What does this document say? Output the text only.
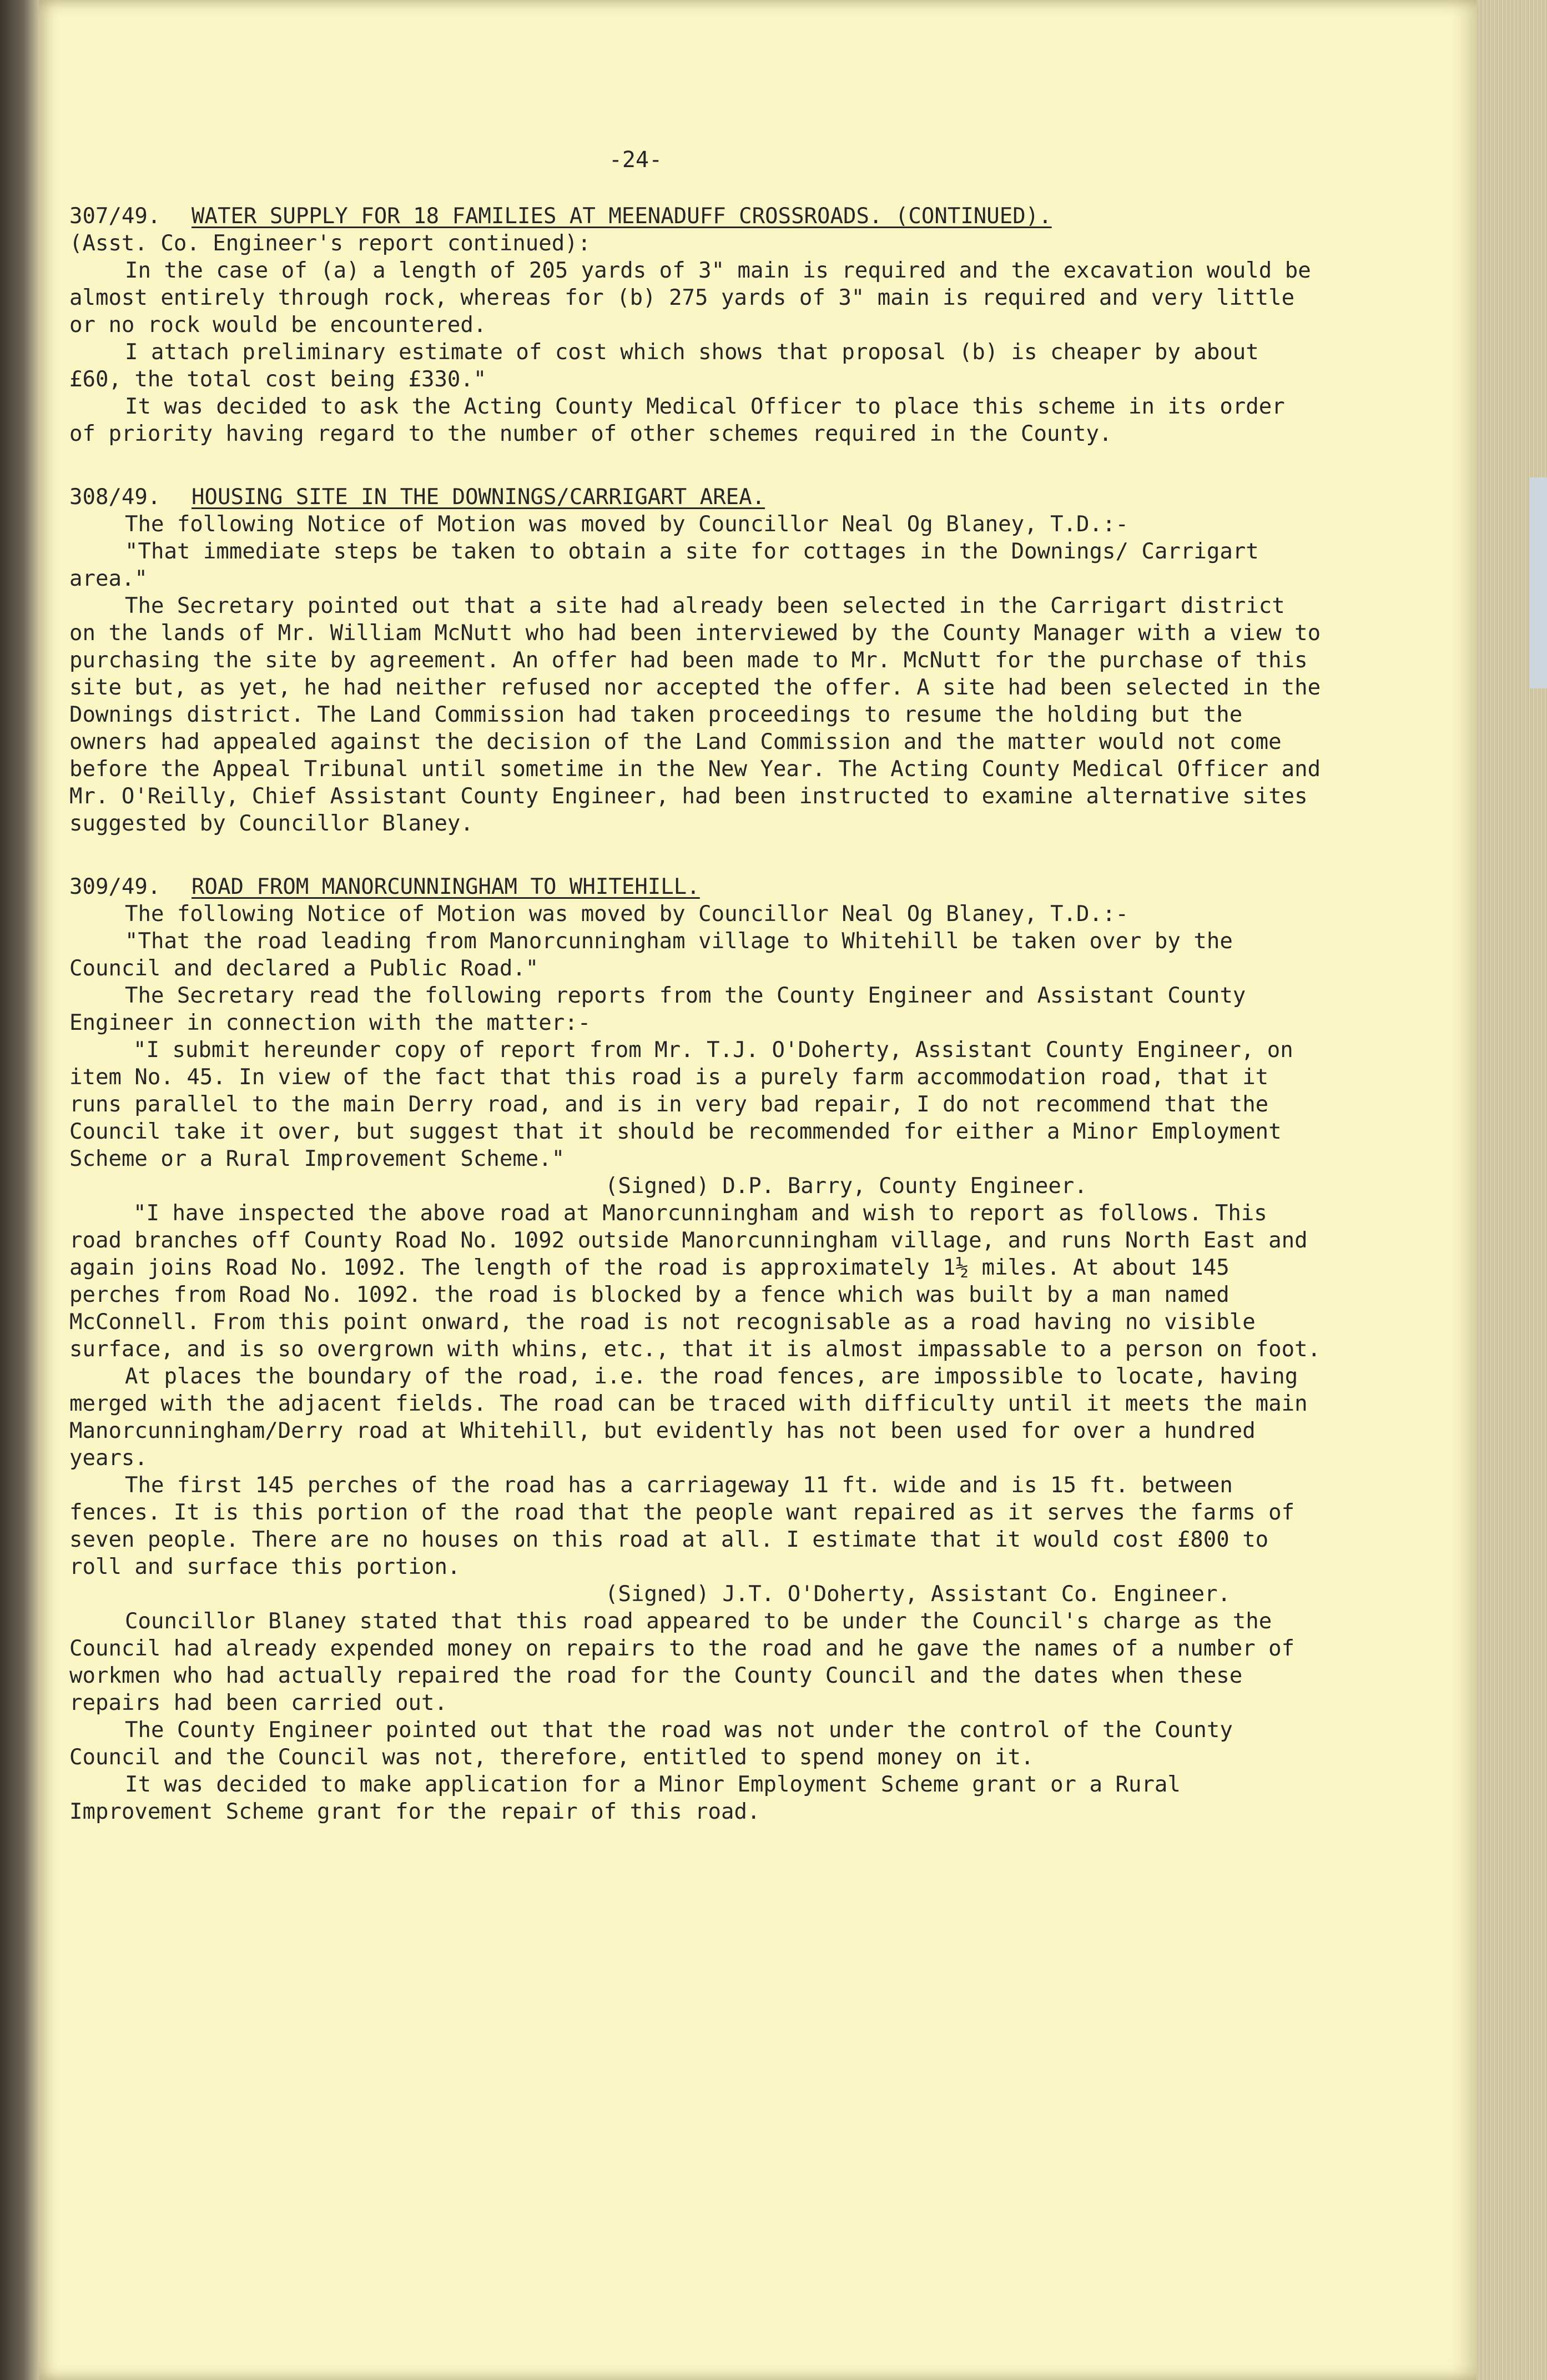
-24-
307/49. WATER SUPPLY FOR 18 FAMILIES AT MEENADUFF CROSSROADS. (CONTINUED).

(Asst. Co. Engineer's report continued):

In the case of (a) a length of 205 yards of 3" main is required and the excavation would be almost entirely through rock, whereas for (b) 275 yards of 3" main is required and very little or no rock would be encountered.

I attach preliminary estimate of cost which shows that proposal (b) is cheaper by about £60, the total cost being £330."

It was decided to ask the Acting County Medical Officer to place this scheme in its order of priority having regard to the number of other schemes required in the County.

308/49. HOUSING SITE IN THE DOWNINGS/CARRIGART AREA.

The following Notice of Motion was moved by Councillor Neal Og Blaney, T.D.:-

"That immediate steps be taken to obtain a site for cottages in the Downings/ Carrigart area."

The Secretary pointed out that a site had already been selected in the Carrigart district on the lands of Mr. William McNutt who had been interviewed by the County Manager with a view to purchasing the site by agreement. An offer had been made to Mr. McNutt for the purchase of this site but, as yet, he had neither refused nor accepted the offer. A site had been selected in the Downings district. The Land Commission had taken proceedings to resume the holding but the owners had appealed against the decision of the Land Commission and the matter would not come before the Appeal Tribunal until sometime in the New Year. The Acting County Medical Officer and Mr. O'Reilly, Chief Assistant County Engineer, had been instructed to examine alternative sites suggested by Councillor Blaney.

309/49. ROAD FROM MANORCUNNINGHAM TO WHITEHILL.

The following Notice of Motion was moved by Councillor Neal Og Blaney, T.D.:-

"That the road leading from Manorcunningham village to Whitehill be taken over by the Council and declared a Public Road."

The Secretary read the following reports from the County Engineer and Assistant County Engineer in connection with the matter:-

"I submit hereunder copy of report from Mr. T.J. O'Doherty, Assistant County Engineer, on item No. 45. In view of the fact that this road is a purely farm accommodation road, that it runs parallel to the main Derry road, and is in very bad repair, I do not recommend that the Council take it over, but suggest that it should be recommended for either a Minor Employment Scheme or a Rural Improvement Scheme."

(Signed) D.P. Barry, County Engineer.

"I have inspected the above road at Manorcunningham and wish to report as follows. This road branches off County Road No. 1092 outside Manorcunningham village, and runs North East and again joins Road No. 1092. The length of the road is approximately 1½ miles. At about 145 perches from Road No. 1092. the road is blocked by a fence which was built by a man named McConnell. From this point onward, the road is not recognisable as a road having no visible surface, and is so overgrown with whins, etc., that it is almost impassable to a person on foot.

At places the boundary of the road, i.e. the road fences, are impossible to locate, having merged with the adjacent fields. The road can be traced with difficulty until it meets the main Manorcunningham/Derry road at Whitehill, but evidently has not been used for over a hundred years.

The first 145 perches of the road has a carriageway 11 ft. wide and is 15 ft. between fences. It is this portion of the road that the people want repaired as it serves the farms of seven people. There are no houses on this road at all. I estimate that it would cost £800 to roll and surface this portion.

(Signed) J.T. O'Doherty, Assistant Co. Engineer.

Councillor Blaney stated that this road appeared to be under the Council's charge as the Council had already expended money on repairs to the road and he gave the names of a number of workmen who had actually repaired the road for the County Council and the dates when these repairs had been carried out.

The County Engineer pointed out that the road was not under the control of the County Council and the Council was not, therefore, entitled to spend money on it.

It was decided to make application for a Minor Employment Scheme grant or a Rural Improvement Scheme grant for the repair of this road.
